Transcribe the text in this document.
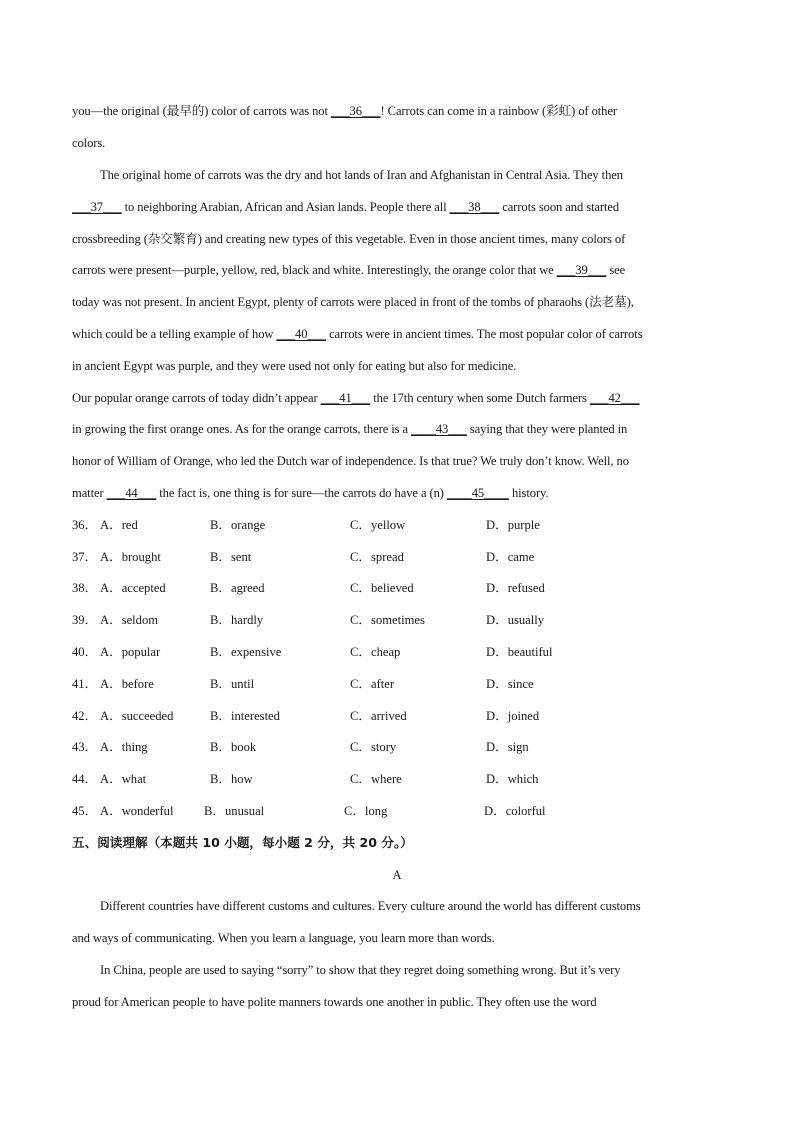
you—the original (最早的) color of carrots was not ___36___! Carrots can come in a rainbow (彩虹) of other
colors.
The original home of carrots was the dry and hot lands of Iran and Afghanistan in Central Asia. They then
___37___ to neighboring Arabian, African and Asian lands. People there all ___38___ carrots soon and started
crossbreeding (杂交繁育) and creating new types of this vegetable. Even in those ancient times, many colors of
carrots were present—purple, yellow, red, black and white. Interestingly, the orange color that we ___39___ see
today was not present. In ancient Egypt, plenty of carrots were placed in front of the tombs of pharaohs (法老墓),
which could be a telling example of how ___40___ carrots were in ancient times. The most popular color of carrots
in ancient Egypt was purple, and they were used not only for eating but also for medicine.
Our popular orange carrots of today didn’t appear ___41___ the 17th century when some Dutch farmers ___42___
in growing the first orange ones. As for the orange carrots, there is a ____43___ saying that they were planted in
honor of William of Orange, who led the Dutch war of independence. Is that true? We truly don’t know. Well, no
matter ___44___ the fact is, one thing is for sure—the carrots do have a (n) ____45____ history.
36． A．red	B．orange	C．yellow	D．purple
37． A．brought	B．sent	C．spread	D．came
38． A．accepted	B．agreed	C．believed	D．refused
39． A．seldom	B．hardly	C．sometimes	D．usually
40． A．popular	B．expensive	C．cheap	D．beautiful
41． A．before	B．until	C．after	D．since
42． A．succeeded	B．interested	C．arrived	D．joined
43． A．thing	B．book	C．story	D．sign
44． A．what	B．how	C．where	D．which
45． A．wonderful B．unusual	C．long	D．colorful
五、阅读理解（本题共 10 小题，每小题 2 分，共 20 分。）
A
Different countries have different customs and cultures. Every culture around the world has different customs
and ways of communicating. When you learn a language, you learn more than words.
In China, people are used to saying “sorry” to show that they regret doing something wrong. But it’s very
proud for American people to have polite manners towards one another in public. They often use the word
